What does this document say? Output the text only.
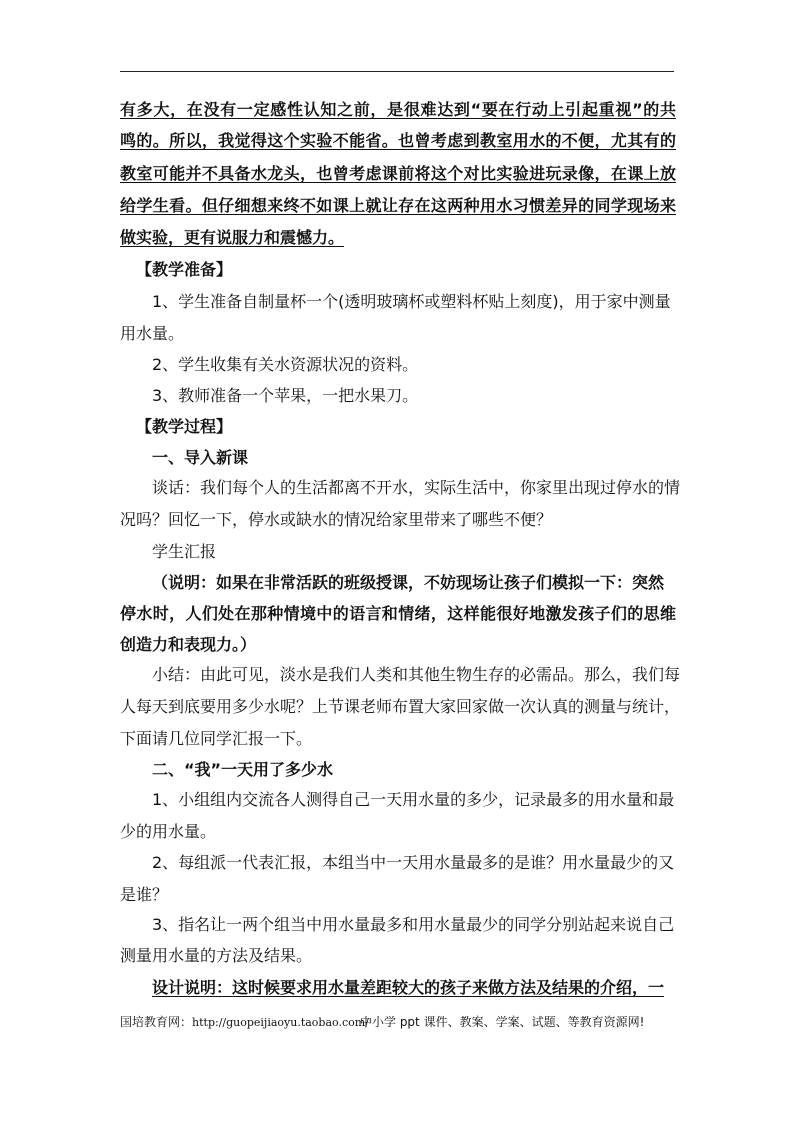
有多大，在没有一定感性认知之前，是很难达到“要在行动上引起重视”的共
鸣的。所以，我觉得这个实验不能省。也曾考虑到教室用水的不便，尤其有的
教室可能并不具备水龙头，也曾考虑课前将这个对比实验进玩录像，在课上放
给学生看。但仔细想来终不如课上就让存在这两种用水习惯差异的同学现场来
做实验，更有说服力和震憾力。
【教学准备】
1、学生准备自制量杯一个(透明玻璃杯或塑料杯贴上刻度)，用于家中测量
用水量。
2、学生收集有关水资源状况的资料。
3、教师准备一个苹果，一把水果刀。
【教学过程】
一、导入新课
谈话：我们每个人的生活都离不开水，实际生活中，你家里出现过停水的情
况吗？回忆一下，停水或缺水的情况给家里带来了哪些不便？
学生汇报
（说明：如果在非常活跃的班级授课，不妨现场让孩子们模拟一下：突然
停水时，人们处在那种情境中的语言和情绪，这样能很好地激发孩子们的思维
创造力和表现力。）
小结：由此可见，淡水是我们人类和其他生物生存的必需品。那么，我们每
人每天到底要用多少水呢？上节课老师布置大家回家做一次认真的测量与统计，
下面请几位同学汇报一下。
二、“我”一天用了多少水
1、小组组内交流各人测得自己一天用水量的多少，记录最多的用水量和最
少的用水量。
2、每组派一代表汇报，本组当中一天用水量最多的是谁？用水量最少的又
是谁？
3、指名让一两个组当中用水量最多和用水量最少的同学分别站起来说自己
测量用水量的方法及结果。
设计说明：这时候要求用水量差距较大的孩子来做方法及结果的介绍，一
国培教育网：http://guopeijiaoyu.taobao.com/
中小学 ppt 课件、教案、学案、试题、等教育资源网!
